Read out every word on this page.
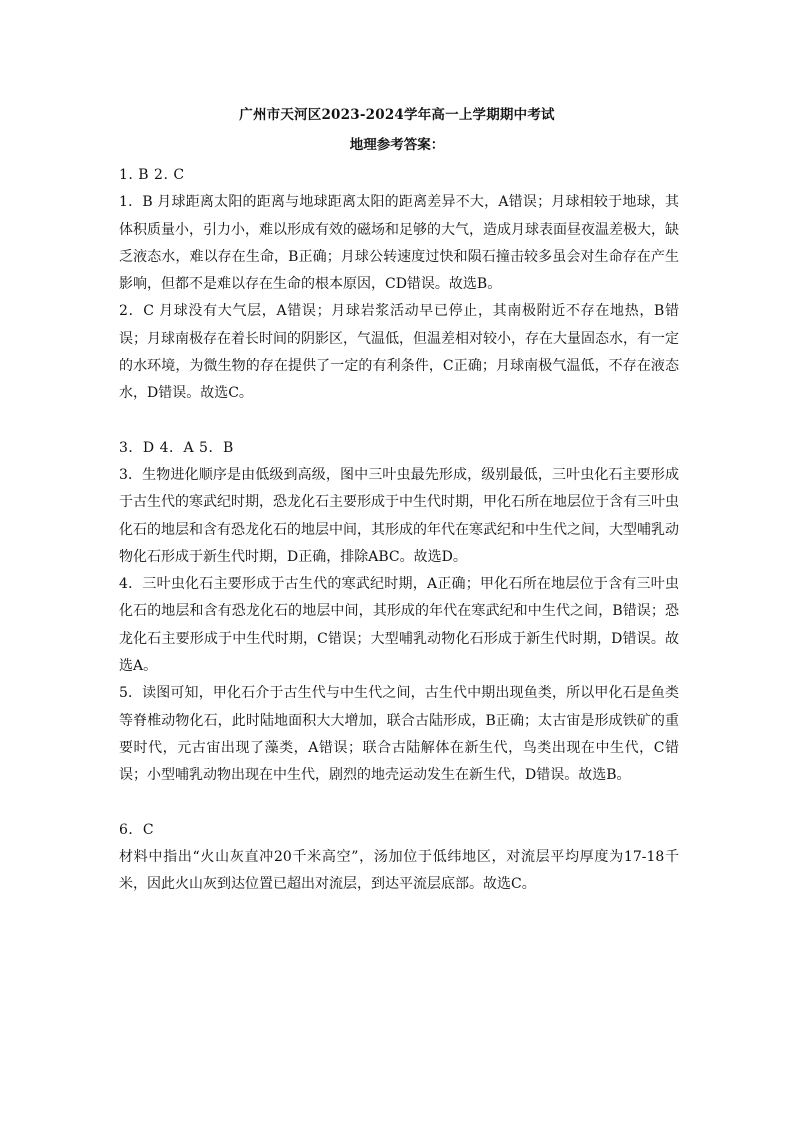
广州市天河区2023-2024学年高一上学期期中考试
地理参考答案：

1. B 2. C

1．B 月球距离太阳的距离与地球距离太阳的距离差异不大，A错误；月球相较于地球，其体积质量小，引力小，难以形成有效的磁场和足够的大气，造成月球表面昼夜温差极大，缺乏液态水，难以存在生命，B正确；月球公转速度过快和陨石撞击较多虽会对生命存在产生影响，但都不是难以存在生命的根本原因，CD错误。故选B。

2．C 月球没有大气层，A错误；月球岩浆活动早已停止，其南极附近不存在地热，B错误；月球南极存在着长时间的阴影区，气温低，但温差相对较小，存在大量固态水，有一定的水环境，为微生物的存在提供了一定的有利条件，C正确；月球南极气温低，不存在液态水，D错误。故选C。

3．D 4．A 5．B

3．生物进化顺序是由低级到高级，图中三叶虫最先形成，级别最低，三叶虫化石主要形成于古生代的寒武纪时期，恐龙化石主要形成于中生代时期，甲化石所在地层位于含有三叶虫化石的地层和含有恐龙化石的地层中间，其形成的年代在寒武纪和中生代之间，大型哺乳动物化石形成于新生代时期，D正确，排除ABC。故选D。

4．三叶虫化石主要形成于古生代的寒武纪时期，A正确；甲化石所在地层位于含有三叶虫化石的地层和含有恐龙化石的地层中间，其形成的年代在寒武纪和中生代之间，B错误；恐龙化石主要形成于中生代时期，C错误；大型哺乳动物化石形成于新生代时期，D错误。故选A。

5．读图可知，甲化石介于古生代与中生代之间，古生代中期出现鱼类，所以甲化石是鱼类等脊椎动物化石，此时陆地面积大大增加，联合古陆形成，B正确；太古宙是形成铁矿的重要时代，元古宙出现了藻类，A错误；联合古陆解体在新生代，鸟类出现在中生代，C错误；小型哺乳动物出现在中生代，剧烈的地壳运动发生在新生代，D错误。故选B。

6．C

材料中指出“火山灰直冲20千米高空”，汤加位于低纬地区，对流层平均厚度为17-18千米，因此火山灰到达位置已超出对流层，到达平流层底部。故选C。
